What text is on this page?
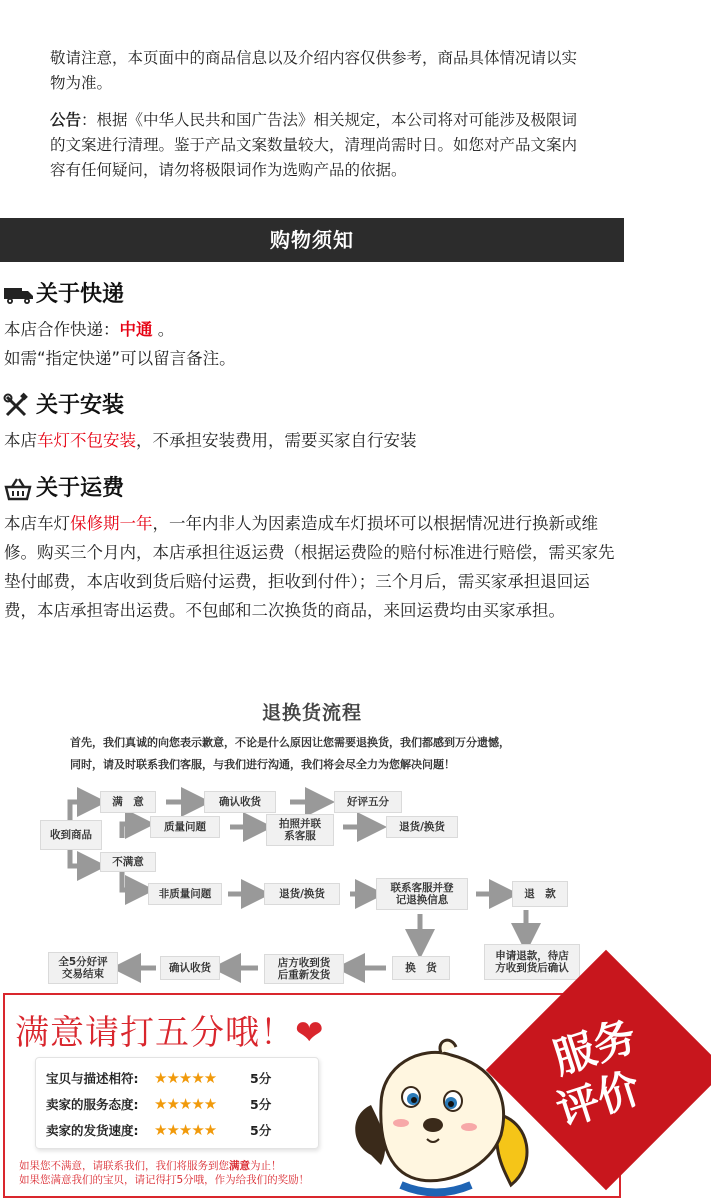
敬请注意，本页面中的商品信息以及介绍内容仅供参考，商品具体情况请以实物为准。

公告：根据《中华人民共和国广告法》相关规定，本公司将对可能涉及极限词的文案进行清理。鉴于产品文案数量较大，清理尚需时日。如您对产品文案内容有任何疑问，请勿将极限词作为选购产品的依据。

购物须知
关于快递
本店合作快递：中通 。
如需“指定快递”可以留言备注。
关于安装
本店车灯不包安装，不承担安装费用，需要买家自行安装
关于运费
本店车灯保修期一年，一年内非人为因素造成车灯损坏可以根据情况进行换新或维修。购买三个月内，本店承担往返运费（根据运费险的赔付标准进行赔偿，需买家先垫付邮费，本店收到货后赔付运费，拒收到付件）；三个月后，需买家承担退回运费，本店承担寄出运费。不包邮和二次换货的商品，来回运费均由买家承担。
退换货流程
首先，我们真诚的向您表示歉意，不论是什么原因让您需要退换货，我们都感到万分遗憾，
同时，请及时联系我们客服，与我们进行沟通，我们将会尽全力为您解决问题！
收到商品
满　意	确认收货	好评五分
质量问题	拍照并联系客服
退货/换货
不满意
非质量问题	退货/换货	联系客服并登记退换信息	退　款
申请退款，待店方收到货后确认
换　货
店方收到货后重新发货
确认收货
全5分好评交易结束
满意请打五分哦！❤
宝贝与描述相符:	★★★★★	5分
卖家的服务态度:	★★★★★	5分
卖家的发货速度:	★★★★★	5分
如果您不满意，请联系我们，我们将服务到您满意为止！
如果您满意我们的宝贝，请记得打5分哦，作为给我们的奖励！
服务
评价
